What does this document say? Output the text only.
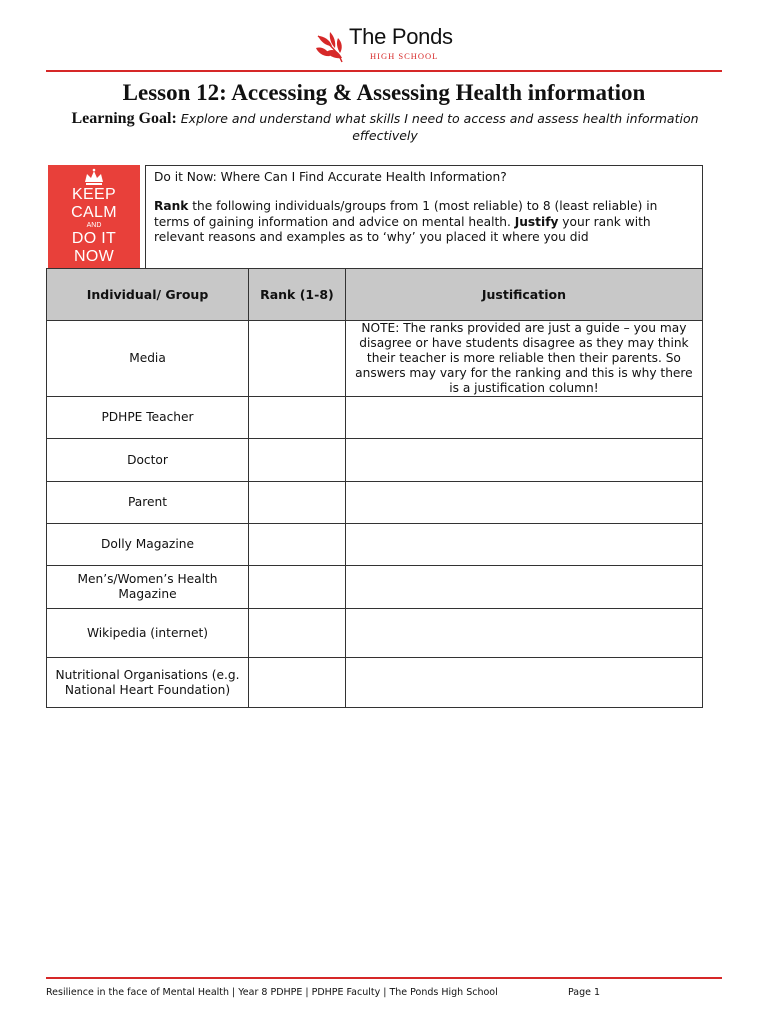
The Ponds
HIGH SCHOOL
Lesson 12: Accessing & Assessing Health information
Learning Goal: Explore and understand what skills I need to access and assess health information effectively
KEEP
CALM
AND
DO IT
NOW

Do it Now: Where Can I Find Accurate Health Information?

Rank the following individuals/groups from 1 (most reliable) to 8 (least reliable) in terms of gaining information and advice on mental health. Justify your rank with relevant reasons and examples as to ‘why’ you placed it where you did

Individual/ Group	Rank (1-8)	Justification
Media		NOTE: The ranks provided are just a guide – you may disagree or have students disagree as they may think their teacher is more reliable then their parents. So answers may vary for the ranking and this is why there is a justification column!
PDHPE Teacher		
Doctor		
Parent		
Dolly Magazine		
Men’s/Women’s Health Magazine		
Wikipedia (internet)		
Nutritional Organisations (e.g. National Heart Foundation)		
Resilience in the face of Mental Health | Year 8 PDHPE | PDHPE Faculty | The Ponds High School	Page 1
